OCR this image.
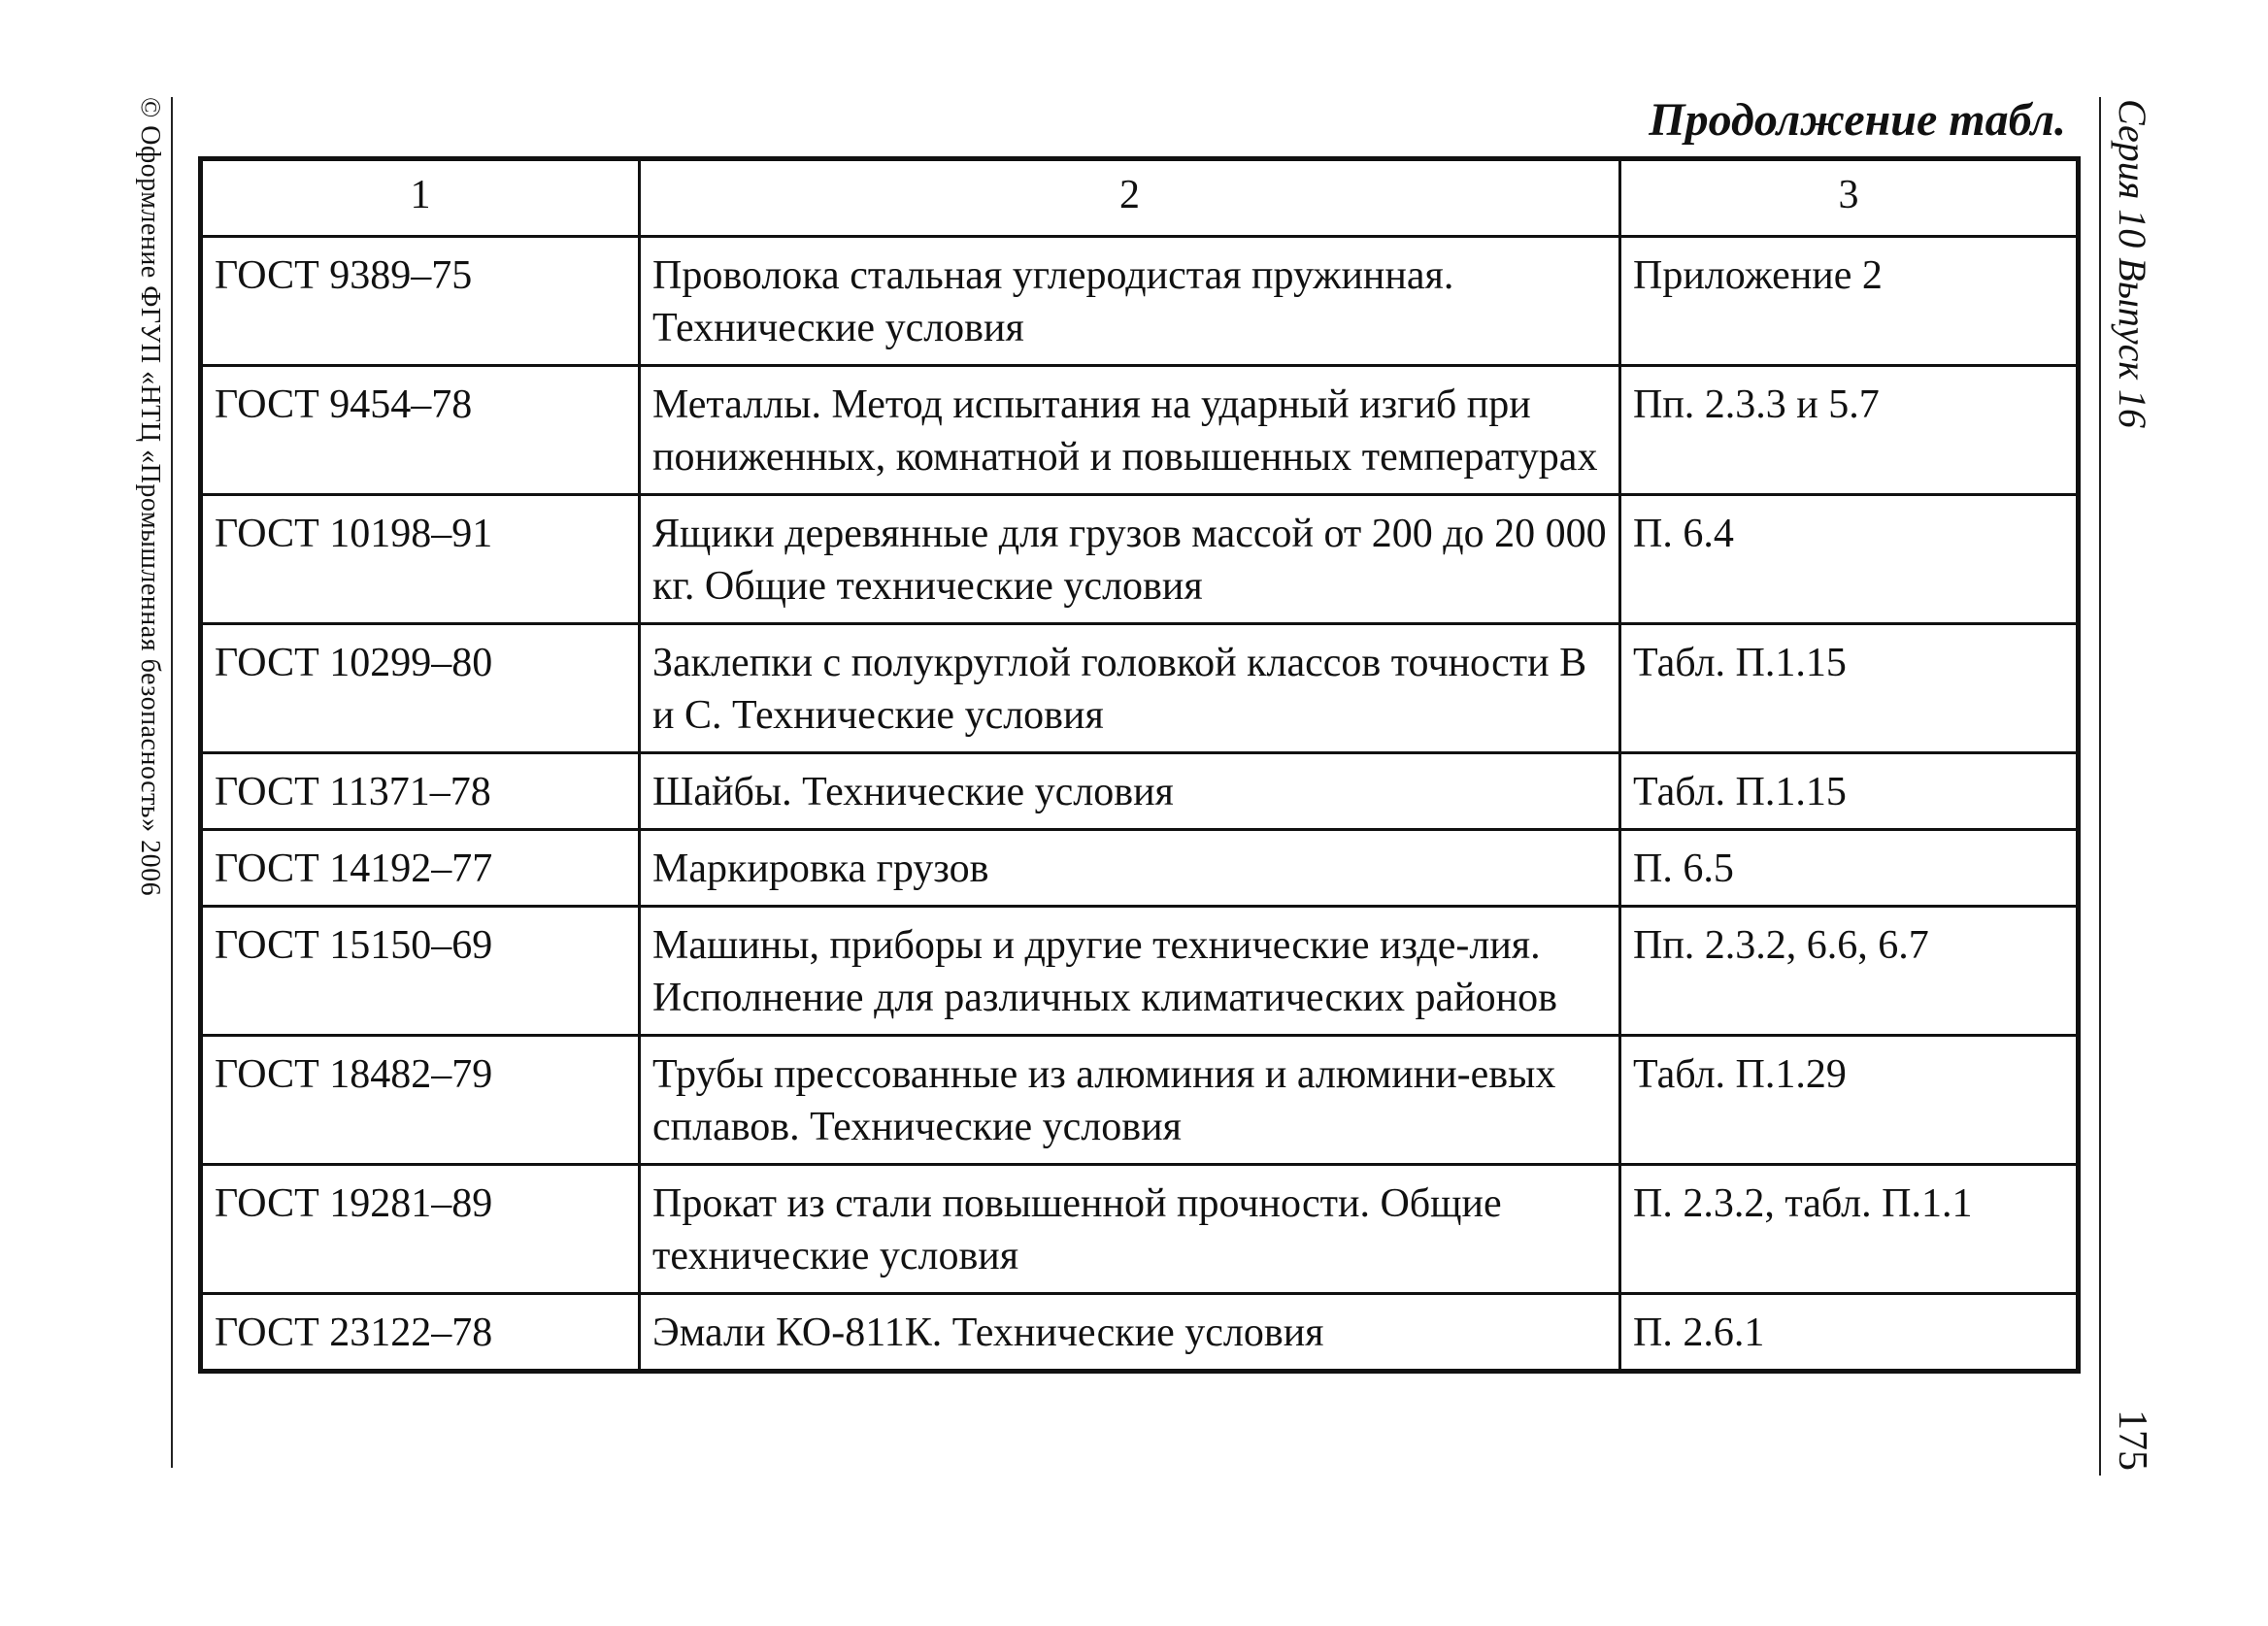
© Оформление ФГУП «НТЦ «Промышленная безопасность» 2006	Серия 10 Выпуск 16
175
Продолжение табл.
1	2	3
ГОСТ 9389–75	Проволока стальная углеродистая пружинная. Технические условия	Приложение 2
ГОСТ 9454–78	Металлы. Метод испытания на ударный изгиб при пониженных, комнатной и повышенных температурах	Пп. 2.3.3 и 5.7
ГОСТ 10198–91	Ящики деревянные для грузов массой от 200 до 20 000 кг. Общие технические условия	П. 6.4
ГОСТ 10299–80	Заклепки с полукруглой головкой классов точности В и С. Технические условия	Табл. П.1.15
ГОСТ 11371–78	Шайбы. Технические условия	Табл. П.1.15
ГОСТ 14192–77	Маркировка грузов	П. 6.5
ГОСТ 15150–69	Машины, приборы и другие технические изде-лия. Исполнение для различных климатических районов	Пп. 2.3.2, 6.6, 6.7
ГОСТ 18482–79	Трубы прессованные из алюминия и алюмини-евых сплавов. Технические условия	Табл. П.1.29
ГОСТ 19281–89	Прокат из стали повышенной прочности. Общие технические условия	П. 2.3.2, табл. П.1.1
ГОСТ 23122–78	Эмали КО-811К. Технические условия	П. 2.6.1
